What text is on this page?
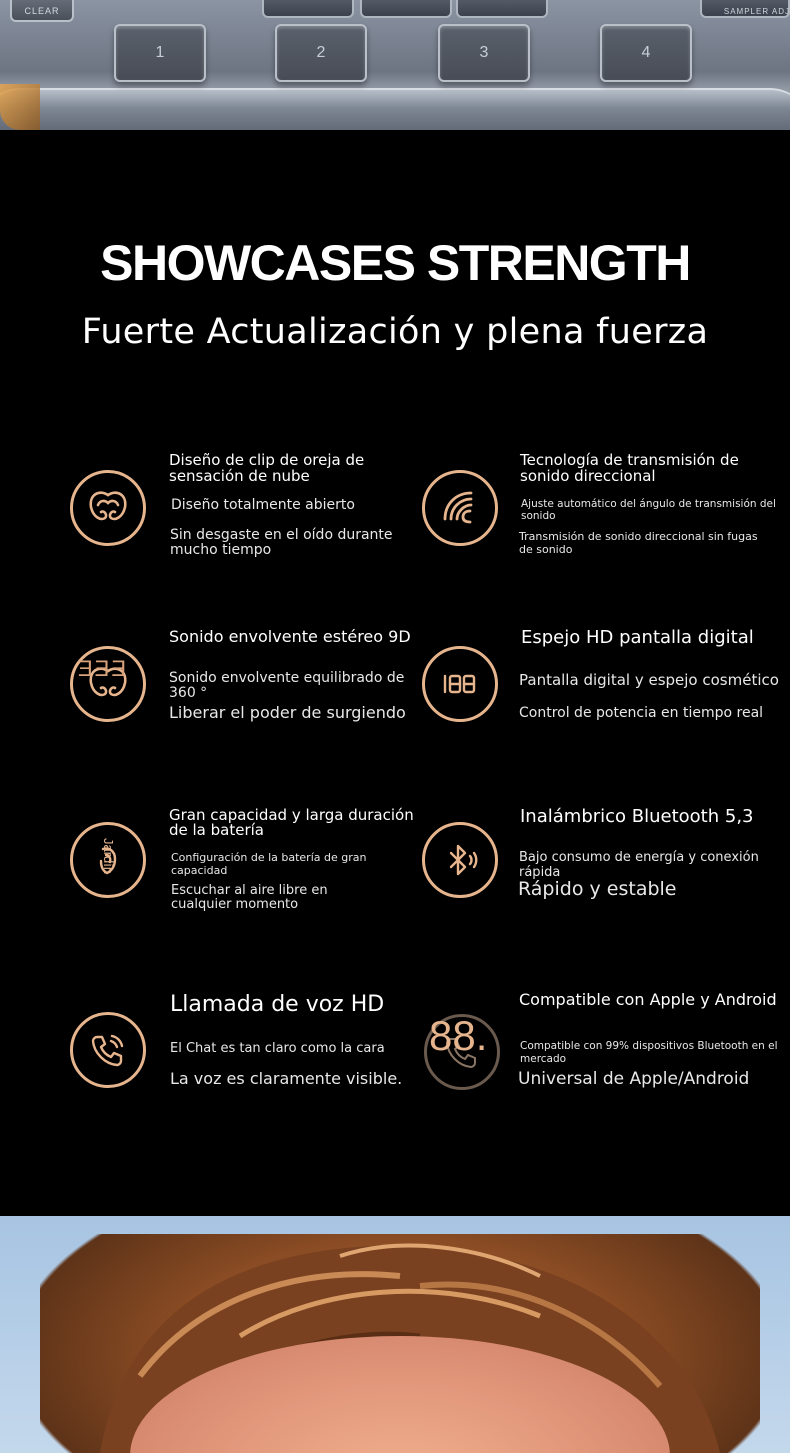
CLEAR	SAMPLER ADJ
1	2	3	4
SHOWCASES STRENGTH
Fuerte Actualización y plena fuerza
Diseño de clip de oreja de
sensación de nube
Diseño totalmente abierto
Sin desgaste en el oído durante
mucho tiempo
Tecnología de transmisión de
sonido direccional
Ajuste automático del ángulo de transmisión del
sonido
Transmisión de sonido direccional sin fugas
de sonido
ƎƎƎ
Sonido envolvente estéreo 9D
Sonido envolvente equilibrado de
360 °
Liberar el poder de surgiendo
Espejo HD pantalla digital
Pantalla digital y espejo cosmético
Control de potencia en tiempo real
Jardín
Gran capacidad y larga duración
de la batería
Configuración de la batería de gran
capacidad
Escuchar al aire libre en
cualquier momento
Inalámbrico Bluetooth 5,3
Bajo consumo de energía y conexión rápida
Rápido y estable
Llamada de voz HD
El Chat es tan claro como la cara
La voz es claramente visible.
88.
Compatible con Apple y Android
Compatible con 99% dispositivos Bluetooth en el
mercado
Universal de Apple/Android
